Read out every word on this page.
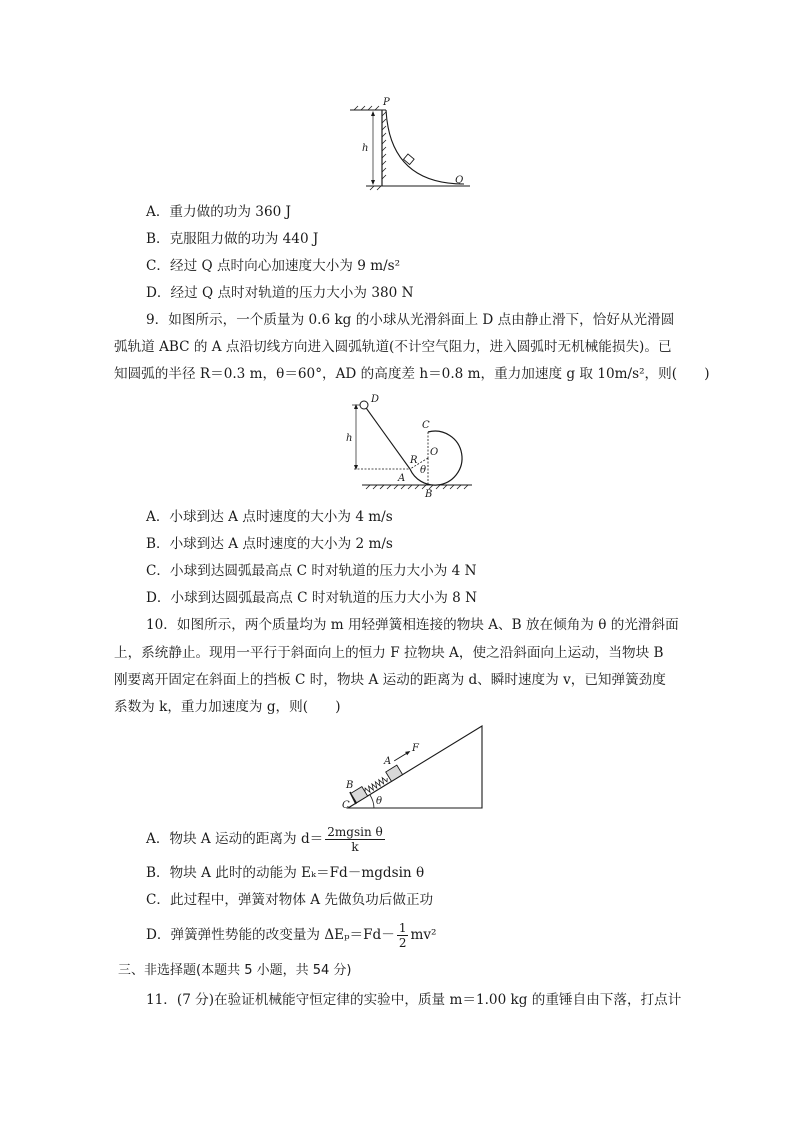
h
P
Q
A．重力做的功为 360 J
B．克服阻力做的功为 440 J
C．经过 Q 点时向心加速度大小为 9 m/s²
D．经过 Q 点时对轨道的压力大小为 380 N
9．如图所示，一个质量为 0.6 kg 的小球从光滑斜面上 D 点由静止滑下，恰好从光滑圆
弧轨道 ABC 的 A 点沿切线方向进入圆弧轨道(不计空气阻力，进入圆弧时无机械能损失)。已
知圆弧的半径 R＝0.3 m，θ＝60°，AD 的高度差 h＝0.8 m，重力加速度 g 取 10m/s²，则(　　)
h
D
C
O
R
θ
A
B
A．小球到达 A 点时速度的大小为 4 m/s
B．小球到达 A 点时速度的大小为 2 m/s
C．小球到达圆弧最高点 C 时对轨道的压力大小为 4 N
D．小球到达圆弧最高点 C 时对轨道的压力大小为 8 N
10．如图所示，两个质量均为 m 用轻弹簧相连接的物块 A、B 放在倾角为 θ 的光滑斜面
上，系统静止。现用一平行于斜面向上的恒力 F 拉物块 A，使之沿斜面向上运动，当物块 B
刚要离开固定在斜面上的挡板 C 时，物块 A 运动的距离为 d、瞬时速度为 v，已知弹簧劲度
系数为 k，重力加速度为 g，则(　　)
θ
C
B
A
F
A．物块 A 运动的距离为 $d= \frac{\text{2mgsin θ}}{k}$
B．物块 A 此时的动能为 Eₖ＝Fd－mgdsin θ
C．此过程中，弹簧对物体 A 先做负功后做正功
D．弹簧弹性势能的改变量为 $\Delta E_p=Fd- \frac{1}{2} mv^2$
三、非选择题(本题共 5 小题，共 54 分)
11．(7 分)在验证机械能守恒定律的实验中，质量 m＝1.00 kg 的重锤自由下落，打点计
